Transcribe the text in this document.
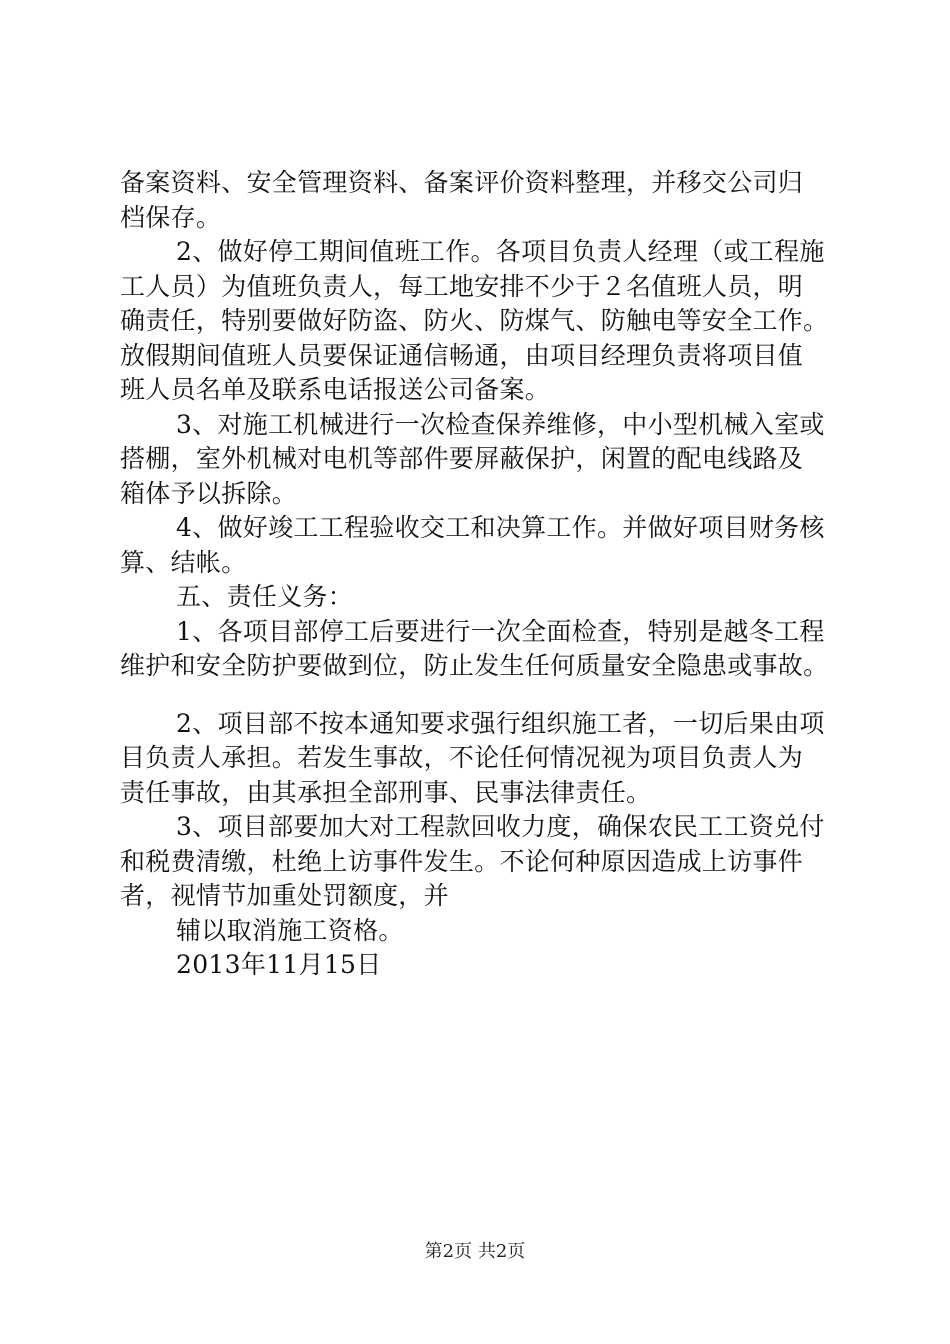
备案资料、安全管理资料、备案评价资料整理，并移交公司归
档保存。
2、做好停工期间值班工作。各项目负责人经理（或工程施
工人员）为值班负责人，每工地安排不少于２名值班人员，明
确责任，特别要做好防盗、防火、防煤气、防触电等安全工作。
放假期间值班人员要保证通信畅通，由项目经理负责将项目值
班人员名单及联系电话报送公司备案。
3、对施工机械进行一次检查保养维修，中小型机械入室或
搭棚，室外机械对电机等部件要屏蔽保护，闲置的配电线路及
箱体予以拆除。
4、做好竣工工程验收交工和决算工作。并做好项目财务核
算、结帐。
五、责任义务：
1、各项目部停工后要进行一次全面检查，特别是越冬工程
维护和安全防护要做到位，防止发生任何质量安全隐患或事故。
2、项目部不按本通知要求强行组织施工者，一切后果由项
目负责人承担。若发生事故，不论任何情况视为项目负责人为
责任事故，由其承担全部刑事、民事法律责任。
3、项目部要加大对工程款回收力度，确保农民工工资兑付
和税费清缴，杜绝上访事件发生。不论何种原因造成上访事件
者，视情节加重处罚额度，并
辅以取消施工资格。
2013年11月15日
第2页 共2页
